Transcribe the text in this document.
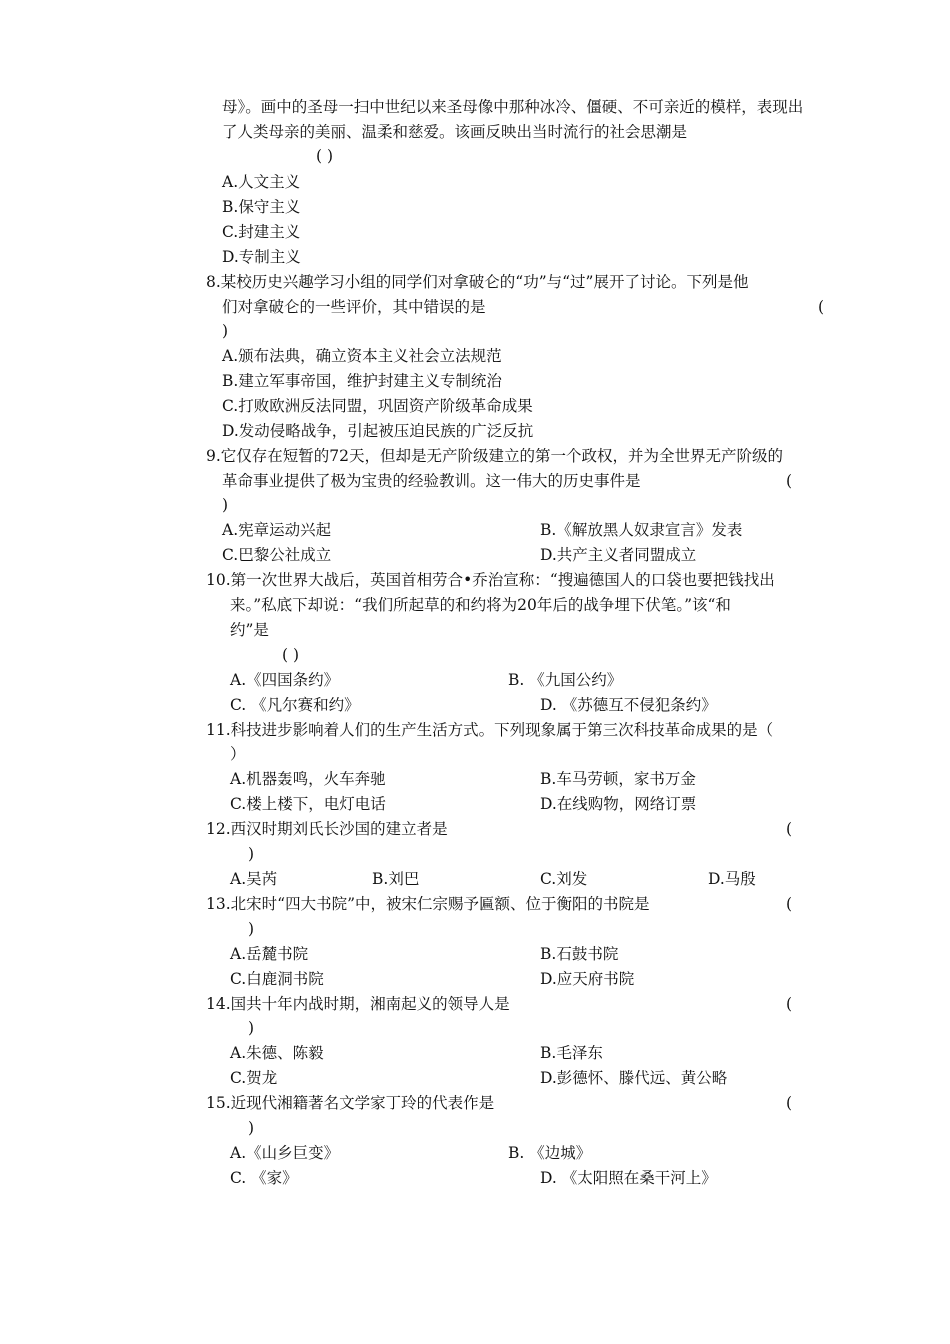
母》。画中的圣母一扫中世纪以来圣母像中那种冰冷、僵硬、不可亲近的模样，表现出
了人类母亲的美丽、温柔和慈爱。该画反映出当时流行的社会思潮是
( )
A.人文主义
B.保守主义
C.封建主义
D.专制主义
8.某校历史兴趣学习小组的同学们对拿破仑的“功”与“过”展开了讨论。下列是他
们对拿破仑的一些评价，其中错误的是	(
)
A.颁布法典，确立资本主义社会立法规范
B.建立军事帝国，维护封建主义专制统治
C.打败欧洲反法同盟，巩固资产阶级革命成果
D.发动侵略战争，引起被压迫民族的广泛反抗
9.它仅存在短暂的72天，但却是无产阶级建立的第一个政权，并为全世界无产阶级的
革命事业提供了极为宝贵的经验教训。这一伟大的历史事件是	(
)
A.宪章运动兴起	B.《解放黑人奴隶宣言》发表
C.巴黎公社成立	D.共产主义者同盟成立
10.第一次世界大战后，英国首相劳合•乔治宣称：“搜遍德国人的口袋也要把钱找出
来。”私底下却说：“我们所起草的和约将为20年后的战争埋下伏笔。”该“和
约”是
( )
A.《四国条约》	B. 《九国公约》
C. 《凡尔赛和约》	D. 《苏德互不侵犯条约》
11.科技进步影响着人们的生产生活方式。下列现象属于第三次科技革命成果的是（
）
A.机器轰鸣，火车奔驰	B.车马劳顿，家书万金
C.楼上楼下，电灯电话	D.在线购物，网络订票
12.西汉时期刘氏长沙国的建立者是	(
)
A.吴芮	B.刘巴	C.刘发	D.马殷
13.北宋时“四大书院”中，被宋仁宗赐予匾额、位于衡阳的书院是	(
)
A.岳麓书院	B.石鼓书院
C.白鹿洞书院	D.应天府书院
14.国共十年内战时期，湘南起义的领导人是	(
)
A.朱德、陈毅	B.毛泽东
C.贺龙	D.彭德怀、滕代远、黄公略
15.近现代湘籍著名文学家丁玲的代表作是	(
)
A.《山乡巨变》	B. 《边城》
C. 《家》	D. 《太阳照在桑干河上》
